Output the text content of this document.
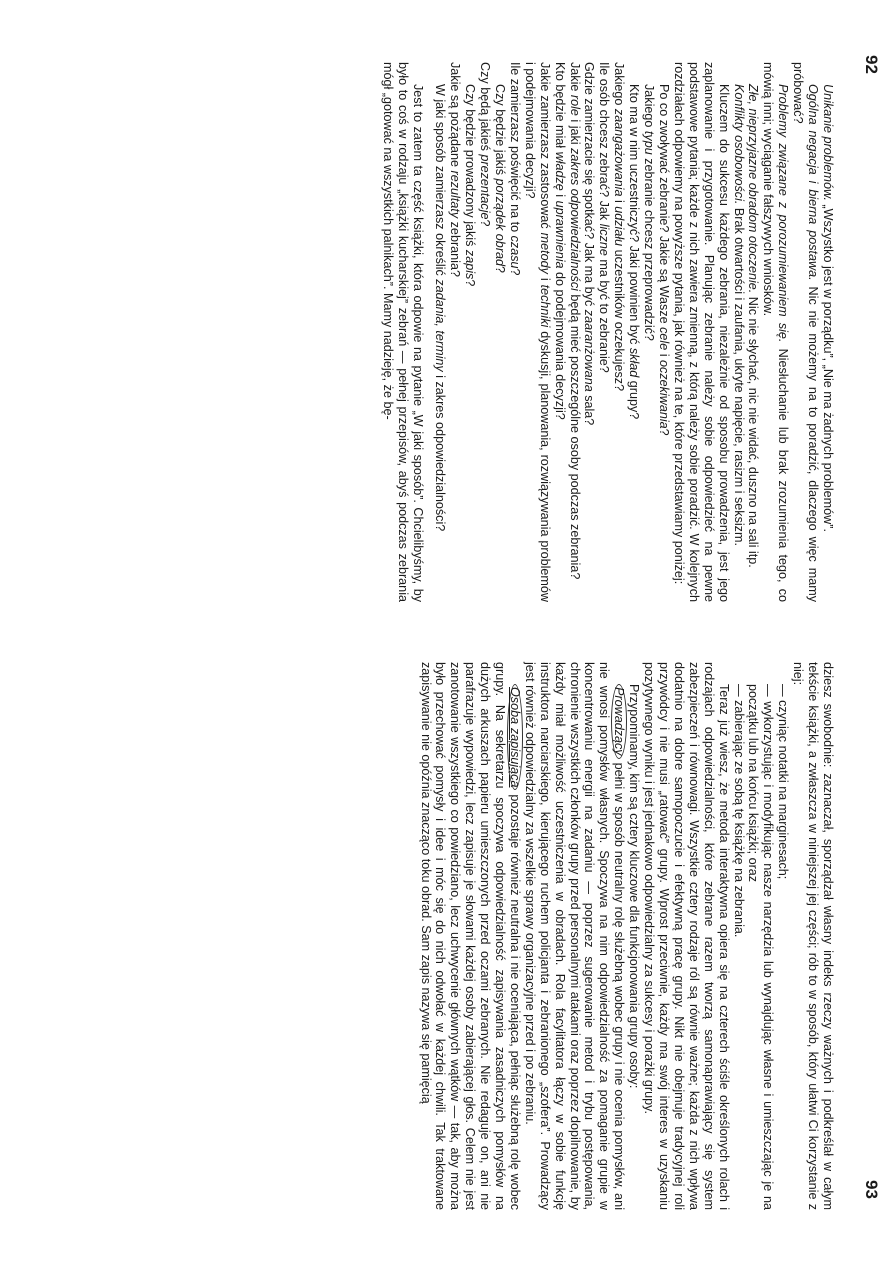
92
93

Unikanie problemów. „Wszystko jest w porządku”, „Nie ma żadnych problemów”.

Ogólna negacja i bierna postawa. Nic nie możemy na to poradzić, dlaczego więc mamy próbować?

Problemy związane z porozumiewaniem się. Niesłuchanie lub brak zrozumienia tego, co mówią inni; wyciąganie fałszywych wniosków.

Złe, nieprzyjazne obradom otoczenie. Nic nie słychać, nic nie widać, duszno na sali itp.

Konflikty osobowości. Brak otwartości i zaufania, ukryte napięcie, rasizm i seksizm.

Kluczem do sukcesu każdego zebrania, niezależnie od sposobu prowadzenia, jest jego zaplanowanie i przygotowanie. Planując zebranie należy sobie odpowiedzieć na pewne podstawowe pytania; każde z nich zawiera zmienną, z którą należy sobie poradzić. W kolejnych rozdziałach odpowiemy na powyższe pytania, jak również na te, które przedstawiamy poniżej:

Po co zwoływać zebranie? Jakie są Wasze cele i oczekiwania?

Jakiego typu zebranie chcesz przeprowadzić?

Kto ma w nim uczestniczyć? Jaki powinien być skład grupy?

Jakiego zaangażowania i udziału uczestników oczekujesz?

Ile osób chcesz zebrać? Jak liczne ma być to zebranie?

Gdzie zamierzacie się spotkać? Jak ma być zaaranżowana sala?

Jakie role i jaki zakres odpowiedzialności będą mieć poszczególne osoby podczas zebrania?

Kto będzie miał władzę i uprawnienia do podejmowania decyzji?

Jakie zamierzasz zastosować metody i techniki dyskusji, planowania, rozwiązywania problemów i podejmowania decyzji?

Ile zamierzasz poświęcić na to czasu?

Czy będzie jakiś porządek obrad?

Czy będą jakieś prezentacje?

Czy będzie prowadzony jakiś zapis?

Jakie są pożądane rezultaty zebrania?

W jaki sposób zamierzasz określić zadania, terminy i zakres odpowiedzialności?

Jest to zatem ta część książki, która odpowie na pytanie „W jaki sposób”. Chcielibyśmy, by było to coś w rodzaju „książki kucharskiej” zebrań — pełnej przepisów, abyś podczas zebrania mógł „gotować na wszystkich palnikach”. Mamy nadzieję, że bę-

dziesz swobodnie: zaznaczał, sporządzał własny indeks rzeczy ważnych i podkreślał w całym tekście książki, a zwłaszcza w niniejszej jej części; rób to w sposób, który ułatwi Ci korzystanie z niej:

— czyniąc notatki na marginesach;

— wykorzystując i modyfikując nasze narzędzia lub wynajdując własne i umieszczając je na początku lub na końcu książki; oraz

— zabierając ze sobą tę książkę na zebrania.

Teraz już wiesz, że metoda interaktywna opiera się na czterech ściśle określonych rolach i rodzajach odpowiedzialności, które zebrane razem tworzą samonaprawiający się system zabezpieczeń i równowagi. Wszystkie cztery rodzaje ról są równie ważne; każda z nich wpływa dodatnio na dobre samopoczucie i efektywną pracę grupy. Nikt nie obejmuje tradycyjnej roli przywódcy i nie musi „ratować” grupy. Wprost przeciwnie, każdy ma swój interes w uzyskaniu pozytywnego wyniku i jest jednakowo odpowiedzialny za sukcesy i porażki grupy.

Przypominamy, kim są cztery kluczowe dla funkcjonowania grupy osoby:

Prowadzący pełni w sposób neutralny rolę służebną wobec grupy i nie ocenia pomysłów, ani nie wnosi pomysłów własnych. Spoczywa na nim odpowiedzialność za pomaganie grupie w koncentrowaniu energii na zadaniu — poprzez sugerowanie metod i trybu postępowania, chronienie wszystkich członków grupy przed personalnymi atakami oraz poprzez dopilnowanie, by każdy miał możliwość uczestniczenia w obradach. Rola facylitatora łączy w sobie funkcję instruktora narciarskiego, kierującego ruchem policjanta i zebranionego „szofera”. Prowadzący jest również odpowiedzialny za wszelkie sprawy organizacyjne przed i po zebraniu.

Osoba zapisująca pozostaje również neutralna i nie oceniająca, pełniąc służebną rolę wobec grupy. Na sekretarzu spoczywa odpowiedzialność zapisywania zasadniczych pomysłów na dużych arkuszach papieru umieszczonych przed oczami zebranych. Nie redaguje on, ani nie parafrazuje wypowiedzi, lecz zapisuje je słowami każdej osoby zabierającej głos. Celem nie jest zanotowanie wszystkiego co powiedziano, lecz uchwycenie głównych wątków — tak, aby można było przechować pomysły i idee i móc się do nich odwołać w każdej chwili. Tak traktowane zapisywanie nie opóźnia znacząco toku obrad. Sam zapis nazywa się pamięcią
